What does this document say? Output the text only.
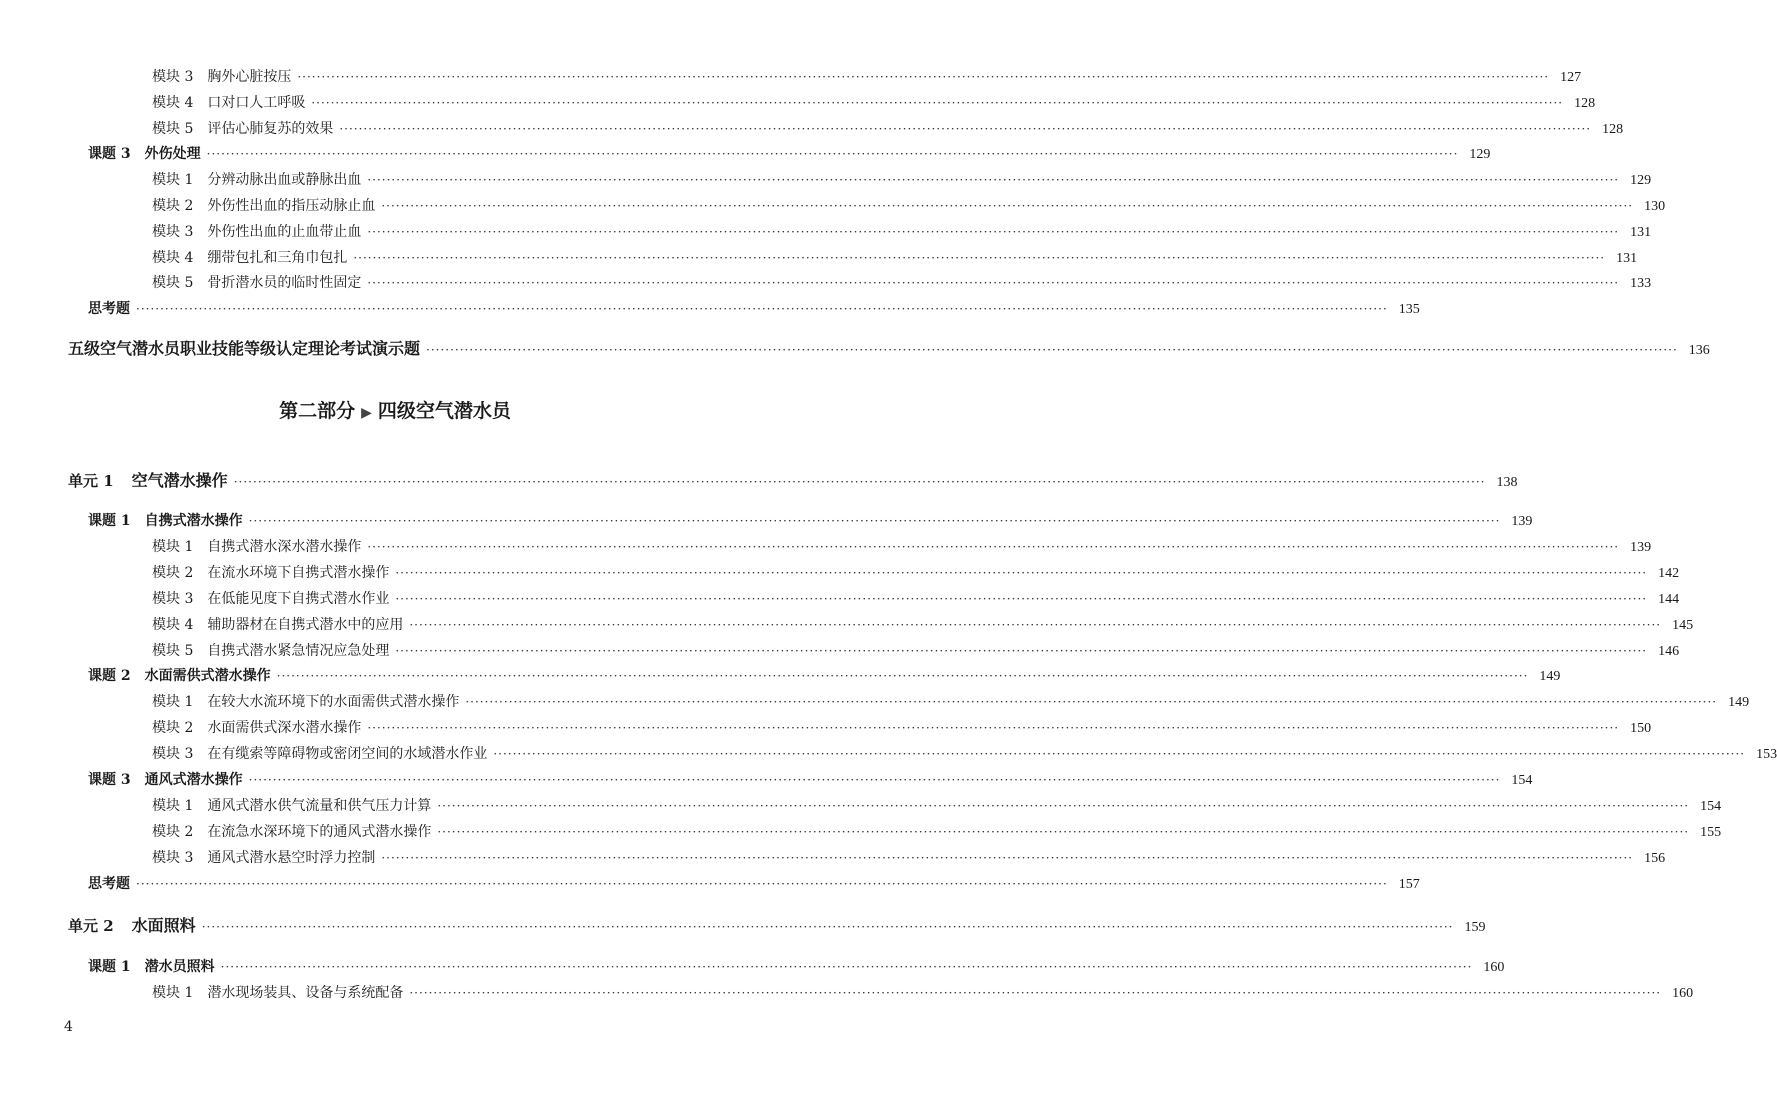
模块 3	胸外心脏按压 ···································································································································································································································································· 127
模块 4	口对口人工呼吸 ···································································································································································································································································· 128
模块 5	评估心肺复苏的效果 ···································································································································································································································································· 128
课题 3	外伤处理 ···································································································································································································································································· 129
模块 1	分辨动脉出血或静脉出血 ···································································································································································································································································· 129
模块 2	外伤性出血的指压动脉止血 ···································································································································································································································································· 130
模块 3	外伤性出血的止血带止血 ···································································································································································································································································· 131
模块 4	绷带包扎和三角巾包扎 ···································································································································································································································································· 131
模块 5	骨折潜水员的临时性固定 ···································································································································································································································································· 133
思考题 ···································································································································································································································································· 135
五级空气潜水员职业技能等级认定理论考试演示题 ···································································································································································································································································· 136
单元 1	空气潜水操作 ···································································································································································································································································· 138
课题 1	自携式潜水操作 ···································································································································································································································································· 139
模块 1	自携式潜水深水潜水操作 ···································································································································································································································································· 139
模块 2	在流水环境下自携式潜水操作 ···································································································································································································································································· 142
模块 3	在低能见度下自携式潜水作业 ···································································································································································································································································· 144
模块 4	辅助器材在自携式潜水中的应用 ···································································································································································································································································· 145
模块 5	自携式潜水紧急情况应急处理 ···································································································································································································································································· 146
课题 2	水面需供式潜水操作 ···································································································································································································································································· 149
模块 1	在较大水流环境下的水面需供式潜水操作 ···································································································································································································································································· 149
模块 2	水面需供式深水潜水操作 ···································································································································································································································································· 150
模块 3	在有缆索等障碍物或密闭空间的水域潜水作业 ···································································································································································································································································· 153
课题 3	通风式潜水操作 ···································································································································································································································································· 154
模块 1	通风式潜水供气流量和供气压力计算 ···································································································································································································································································· 154
模块 2	在流急水深环境下的通风式潜水操作 ···································································································································································································································································· 155
模块 3	通风式潜水悬空时浮力控制 ···································································································································································································································································· 156
思考题 ···································································································································································································································································· 157
单元 2	水面照料 ···································································································································································································································································· 159
课题 1	潜水员照料 ···································································································································································································································································· 160
模块 1	潜水现场装具、设备与系统配备 ···································································································································································································································································· 160
第二部分 ▶ 四级空气潜水员
4
